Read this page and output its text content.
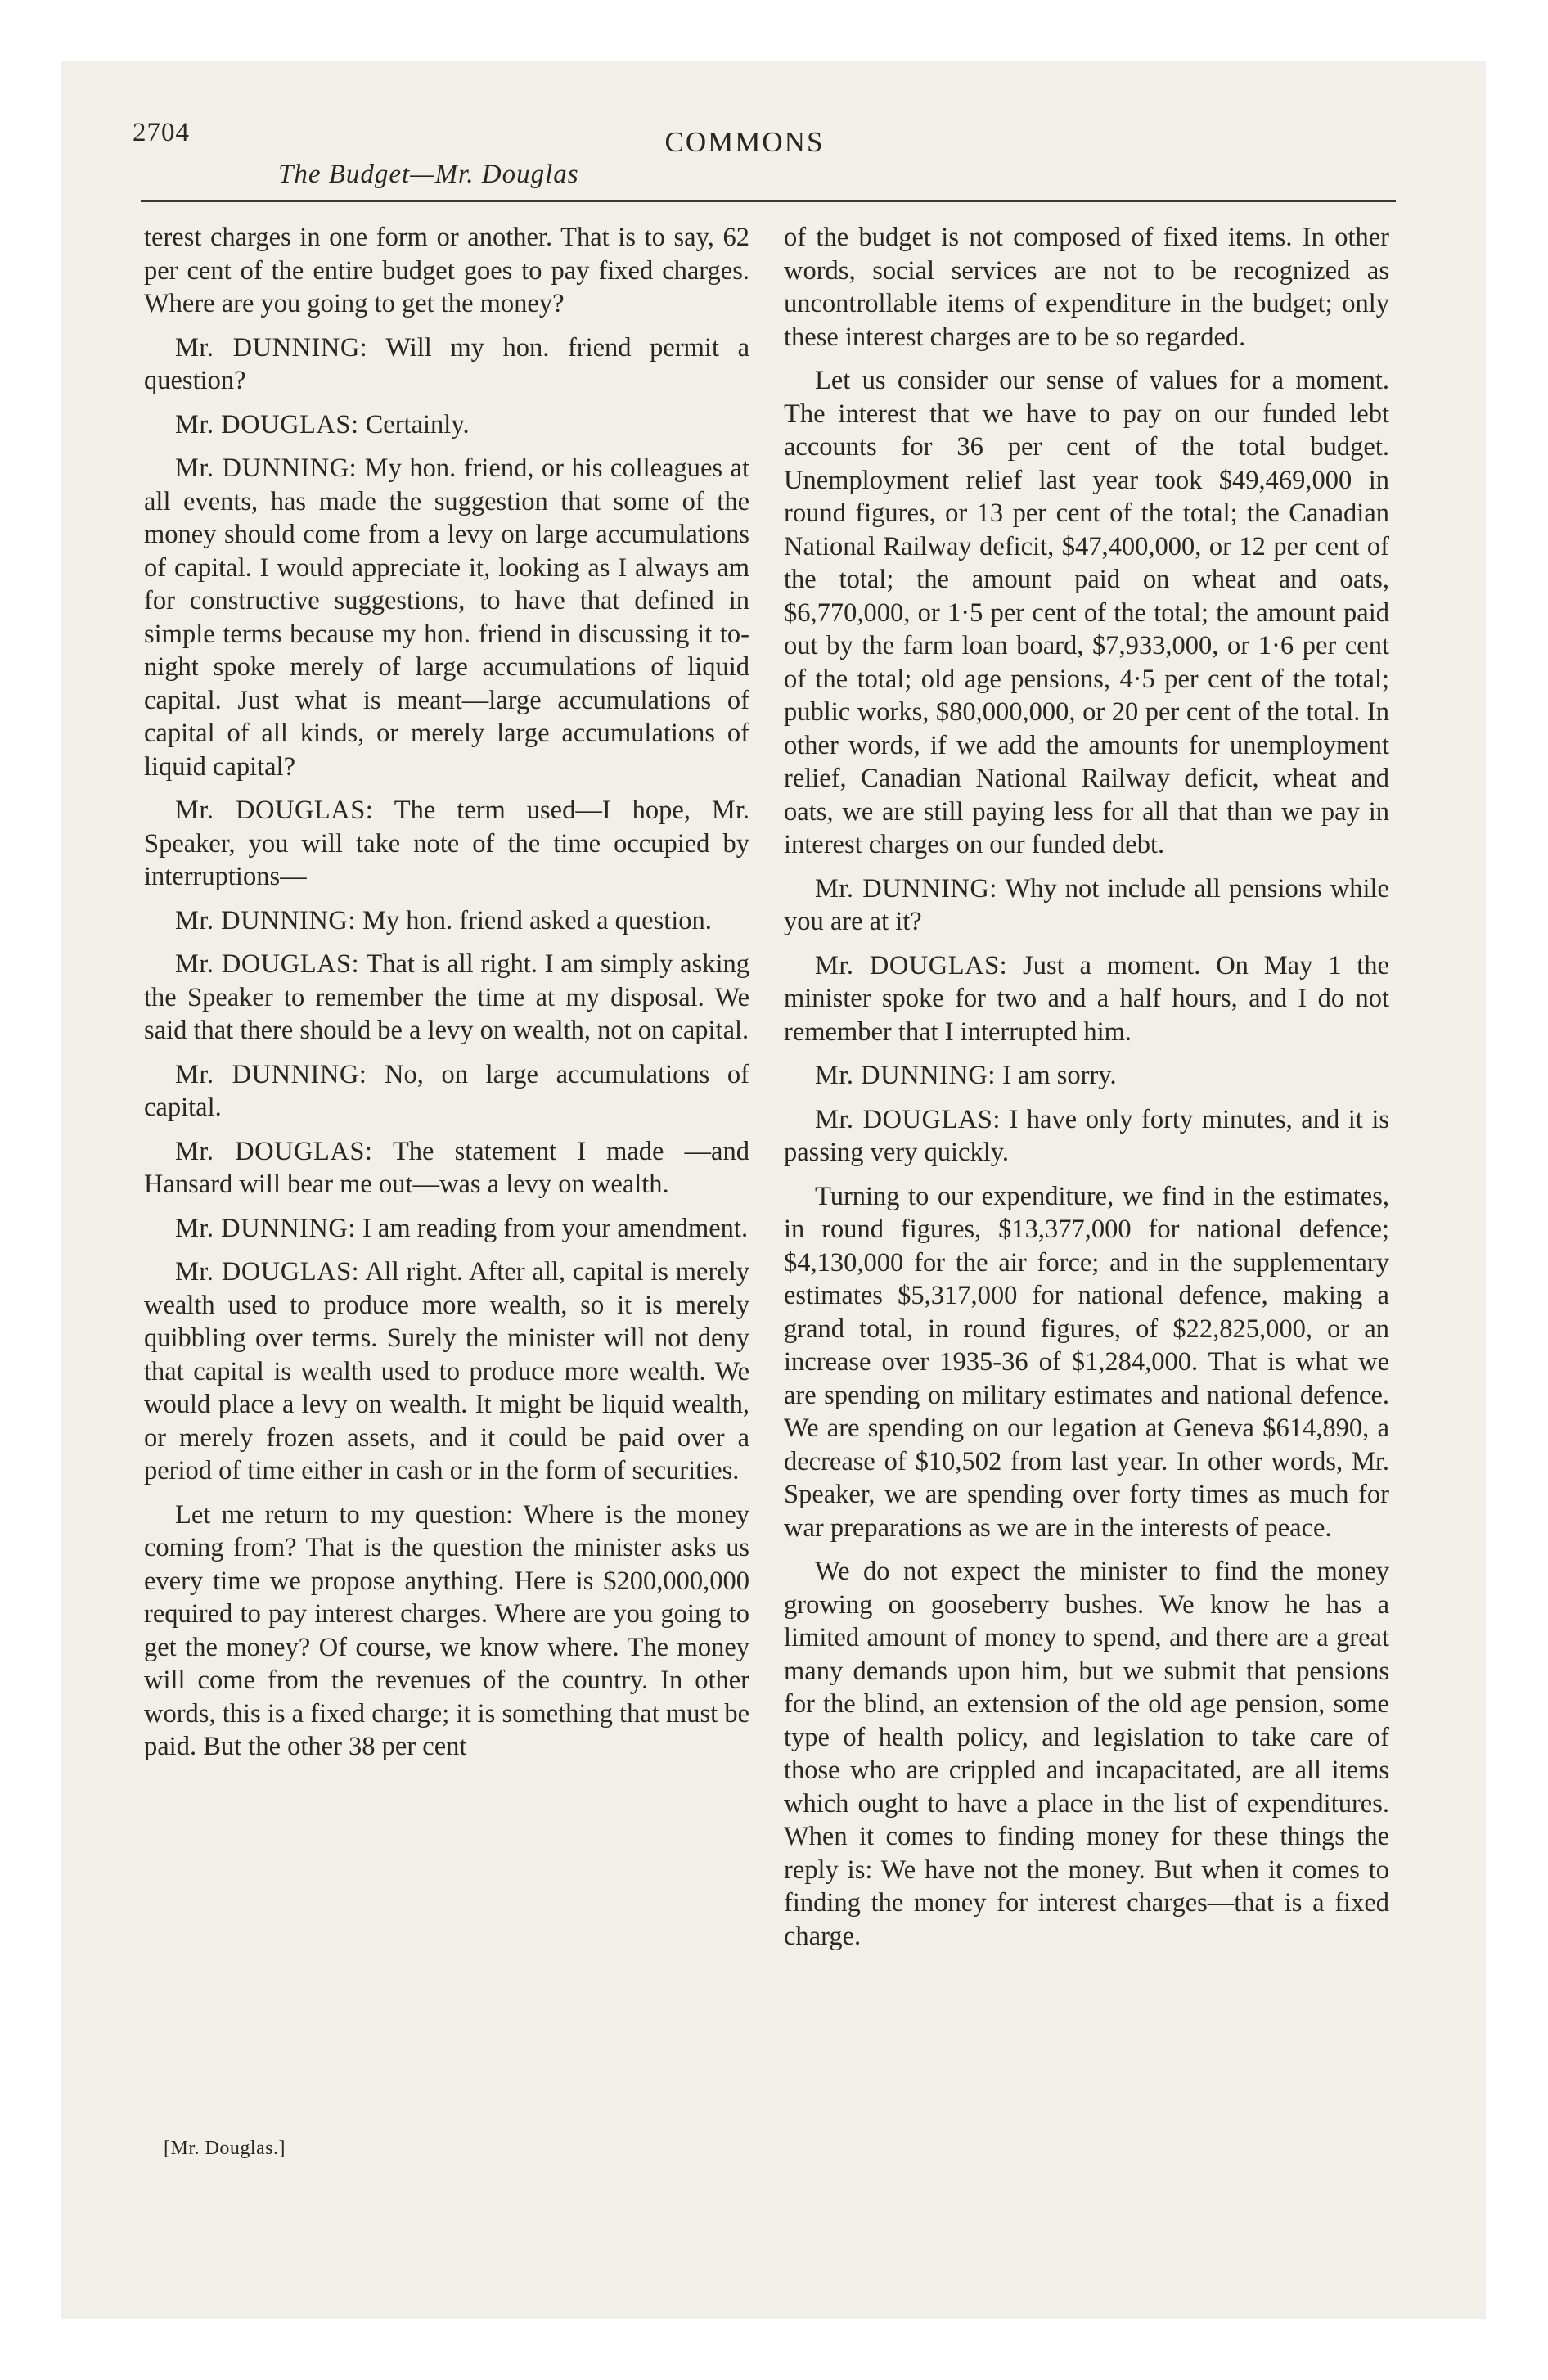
2704	COMMONS
The Budget—Mr. Douglas

terest charges in one form or another. That is to say, 62 per cent of the entire budget goes to pay fixed charges. Where are you going to get the money?

Mr. DUNNING: Will my hon. friend permit a question?

Mr. DOUGLAS: Certainly.

Mr. DUNNING: My hon. friend, or his colleagues at all events, has made the suggestion that some of the money should come from a levy on large accumulations of capital. I would appreciate it, looking as I always am for constructive suggestions, to have that defined in simple terms because my hon. friend in discussing it to-night spoke merely of large accumulations of liquid capital. Just what is meant—large accumulations of capital of all kinds, or merely large accumulations of liquid capital?

Mr. DOUGLAS: The term used—I hope, Mr. Speaker, you will take note of the time occupied by interruptions—

Mr. DUNNING: My hon. friend asked a question.

Mr. DOUGLAS: That is all right. I am simply asking the Speaker to remember the time at my disposal. We said that there should be a levy on wealth, not on capital.

Mr. DUNNING: No, on large accumulations of capital.

Mr. DOUGLAS: The statement I made —and Hansard will bear me out—was a levy on wealth.

Mr. DUNNING: I am reading from your amendment.

Mr. DOUGLAS: All right. After all, capital is merely wealth used to produce more wealth, so it is merely quibbling over terms. Surely the minister will not deny that capital is wealth used to produce more wealth. We would place a levy on wealth. It might be liquid wealth, or merely frozen assets, and it could be paid over a period of time either in cash or in the form of securities.

Let me return to my question: Where is the money coming from? That is the question the minister asks us every time we propose anything. Here is $200,000,000 required to pay interest charges. Where are you going to get the money? Of course, we know where. The money will come from the revenues of the country. In other words, this is a fixed charge; it is something that must be paid. But the other 38 per cent

of the budget is not composed of fixed items. In other words, social services are not to be recognized as uncontrollable items of expenditure in the budget; only these interest charges are to be so regarded.

Let us consider our sense of values for a moment. The interest that we have to pay on our funded lebt accounts for 36 per cent of the total budget. Unemployment relief last year took $49,469,000 in round figures, or 13 per cent of the total; the Canadian National Railway deficit, $47,400,000, or 12 per cent of the total; the amount paid on wheat and oats, $6,770,000, or 1·5 per cent of the total; the amount paid out by the farm loan board, $7,933,000, or 1·6 per cent of the total; old age pensions, 4·5 per cent of the total; public works, $80,000,000, or 20 per cent of the total. In other words, if we add the amounts for unemployment relief, Canadian National Railway deficit, wheat and oats, we are still paying less for all that than we pay in interest charges on our funded debt.

Mr. DUNNING: Why not include all pensions while you are at it?

Mr. DOUGLAS: Just a moment. On May 1 the minister spoke for two and a half hours, and I do not remember that I interrupted him.

Mr. DUNNING: I am sorry.

Mr. DOUGLAS: I have only forty minutes, and it is passing very quickly.

Turning to our expenditure, we find in the estimates, in round figures, $13,377,000 for national defence; $4,130,000 for the air force; and in the supplementary estimates $5,317,000 for national defence, making a grand total, in round figures, of $22,825,000, or an increase over 1935-36 of $1,284,000. That is what we are spending on military estimates and national defence. We are spending on our legation at Geneva $614,890, a decrease of $10,502 from last year. In other words, Mr. Speaker, we are spending over forty times as much for war preparations as we are in the interests of peace.

We do not expect the minister to find the money growing on gooseberry bushes. We know he has a limited amount of money to spend, and there are a great many demands upon him, but we submit that pensions for the blind, an extension of the old age pension, some type of health policy, and legislation to take care of those who are crippled and incapacitated, are all items which ought to have a place in the list of expenditures. When it comes to finding money for these things the reply is: We have not the money. But when it comes to finding the money for interest charges—that is a fixed charge.

[Mr. Douglas.]
